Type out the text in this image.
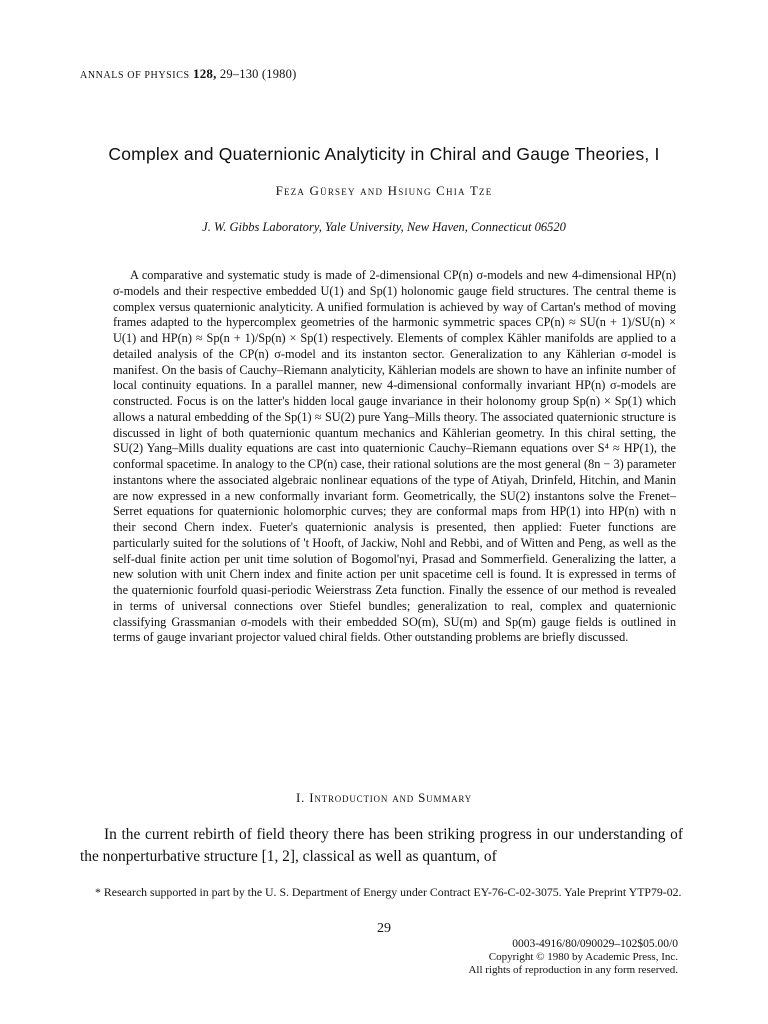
ANNALS OF PHYSICS 128, 29–130 (1980)
Complex and Quaternionic Analyticity in Chiral and Gauge Theories, I
Feza Gürsey and Hsiung Chia Tze
J. W. Gibbs Laboratory, Yale University, New Haven, Connecticut 06520
A comparative and systematic study is made of 2-dimensional CP(n) σ-models and new 4-dimensional HP(n) σ-models and their respective embedded U(1) and Sp(1) holonomic gauge field structures. The central theme is complex versus quaternionic analyticity. A unified formulation is achieved by way of Cartan's method of moving frames adapted to the hypercomplex geometries of the harmonic symmetric spaces CP(n) ≈ SU(n + 1)/SU(n) × U(1) and HP(n) ≈ Sp(n + 1)/Sp(n) × Sp(1) respectively. Elements of complex Kähler manifolds are applied to a detailed analysis of the CP(n) σ-model and its instanton sector. Generalization to any Kählerian σ-model is manifest. On the basis of Cauchy–Riemann analyticity, Kählerian models are shown to have an infinite number of local continuity equations. In a parallel manner, new 4-dimensional conformally invariant HP(n) σ-models are constructed. Focus is on the latter's hidden local gauge invariance in their holonomy group Sp(n) × Sp(1) which allows a natural embedding of the Sp(1) ≈ SU(2) pure Yang–Mills theory. The associated quaternionic structure is discussed in light of both quaternionic quantum mechanics and Kählerian geometry. In this chiral setting, the SU(2) Yang–Mills duality equations are cast into quaternionic Cauchy–Riemann equations over S⁴ ≈ HP(1), the conformal spacetime. In analogy to the CP(n) case, their rational solutions are the most general (8n − 3) parameter instantons where the associated algebraic nonlinear equations of the type of Atiyah, Drinfeld, Hitchin, and Manin are now expressed in a new conformally invariant form. Geometrically, the SU(2) instantons solve the Frenet–Serret equations for quaternionic holomorphic curves; they are conformal maps from HP(1) into HP(n) with n their second Chern index. Fueter's quaternionic analysis is presented, then applied: Fueter functions are particularly suited for the solutions of 't Hooft, of Jackiw, Nohl and Rebbi, and of Witten and Peng, as well as the self-dual finite action per unit time solution of Bogomol'nyi, Prasad and Sommerfield. Generalizing the latter, a new solution with unit Chern index and finite action per unit spacetime cell is found. It is expressed in terms of the quaternionic fourfold quasi-periodic Weierstrass Zeta function. Finally the essence of our method is revealed in terms of universal connections over Stiefel bundles; generalization to real, complex and quaternionic classifying Grassmanian σ-models with their embedded SO(m), SU(m) and Sp(m) gauge fields is outlined in terms of gauge invariant projector valued chiral fields. Other outstanding problems are briefly discussed.
I. Introduction and Summary
In the current rebirth of field theory there has been striking progress in our understanding of the nonperturbative structure [1, 2], classical as well as quantum, of
* Research supported in part by the U. S. Department of Energy under Contract EY-76-C-02-3075. Yale Preprint YTP79-02.
29
0003-4916/80/090029–102$05.00/0
Copyright © 1980 by Academic Press, Inc.
All rights of reproduction in any form reserved.
